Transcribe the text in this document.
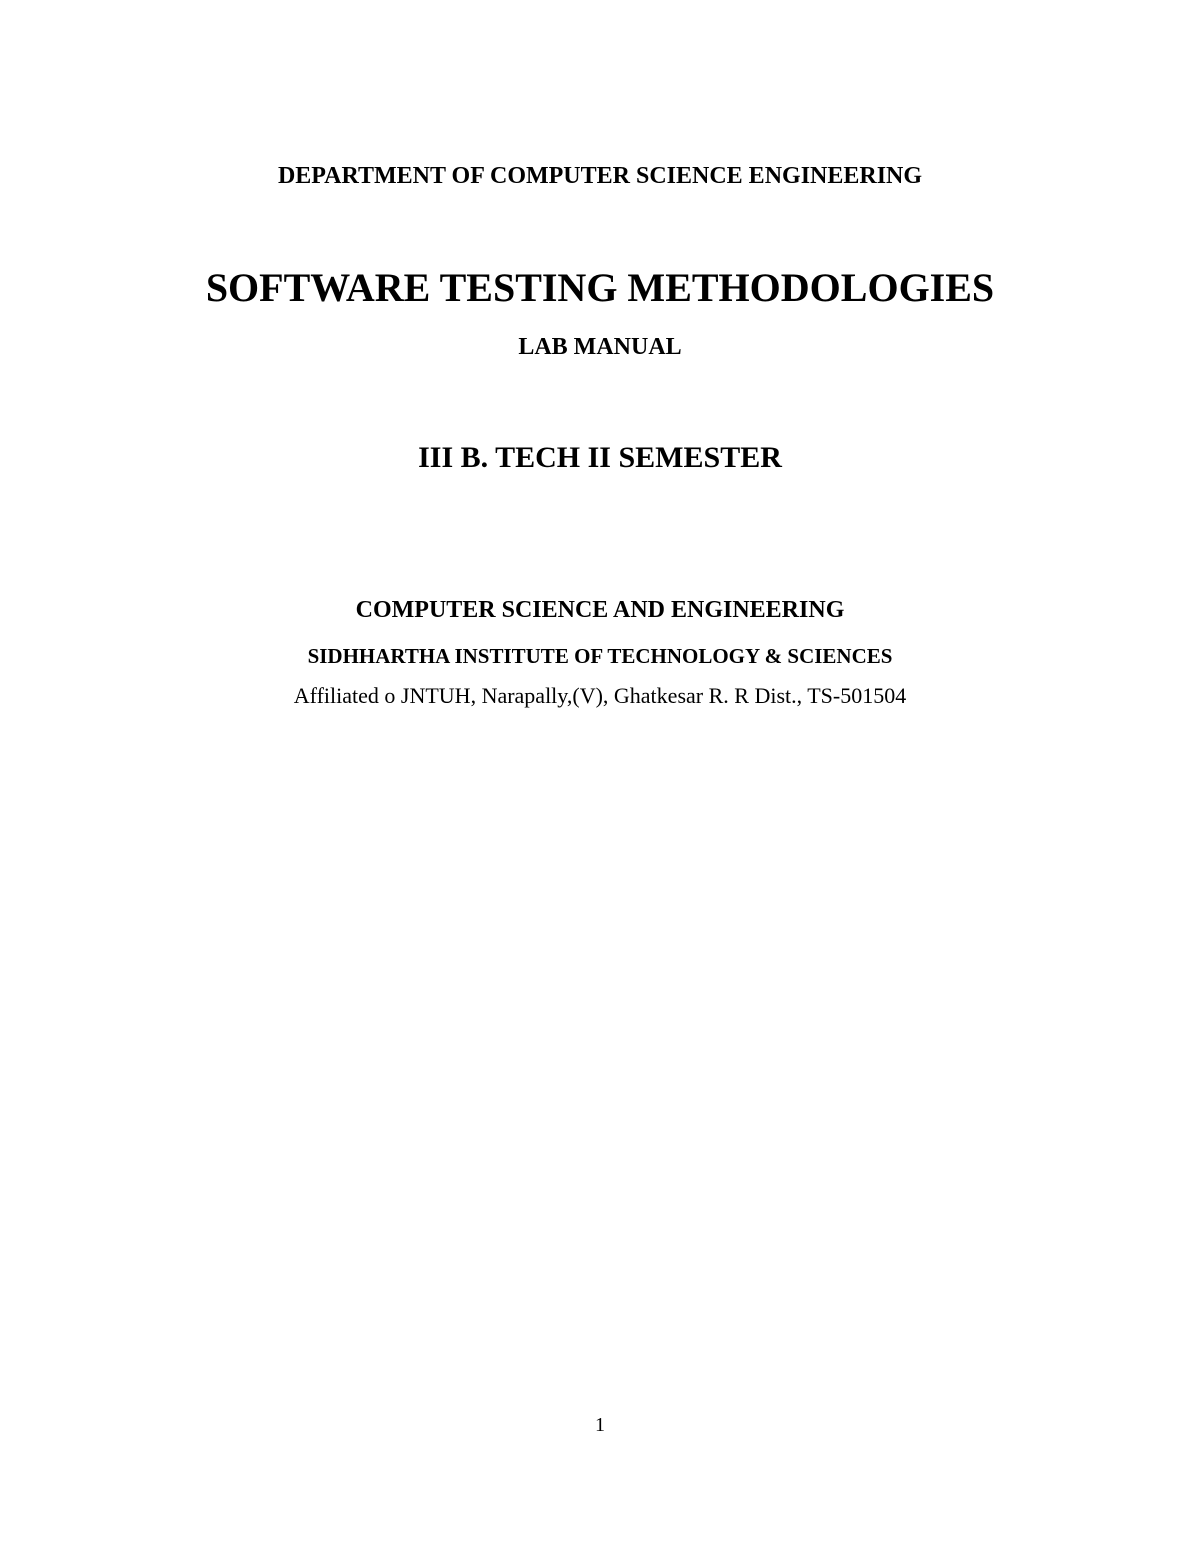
DEPARTMENT OF COMPUTER SCIENCE ENGINEERING
SOFTWARE TESTING METHODOLOGIES
LAB MANUAL
III B. TECH II SEMESTER
COMPUTER SCIENCE AND ENGINEERING
SIDHHARTHA INSTITUTE OF TECHNOLOGY & SCIENCES
Affiliated o JNTUH, Narapally,(V), Ghatkesar R. R Dist., TS-501504
1
